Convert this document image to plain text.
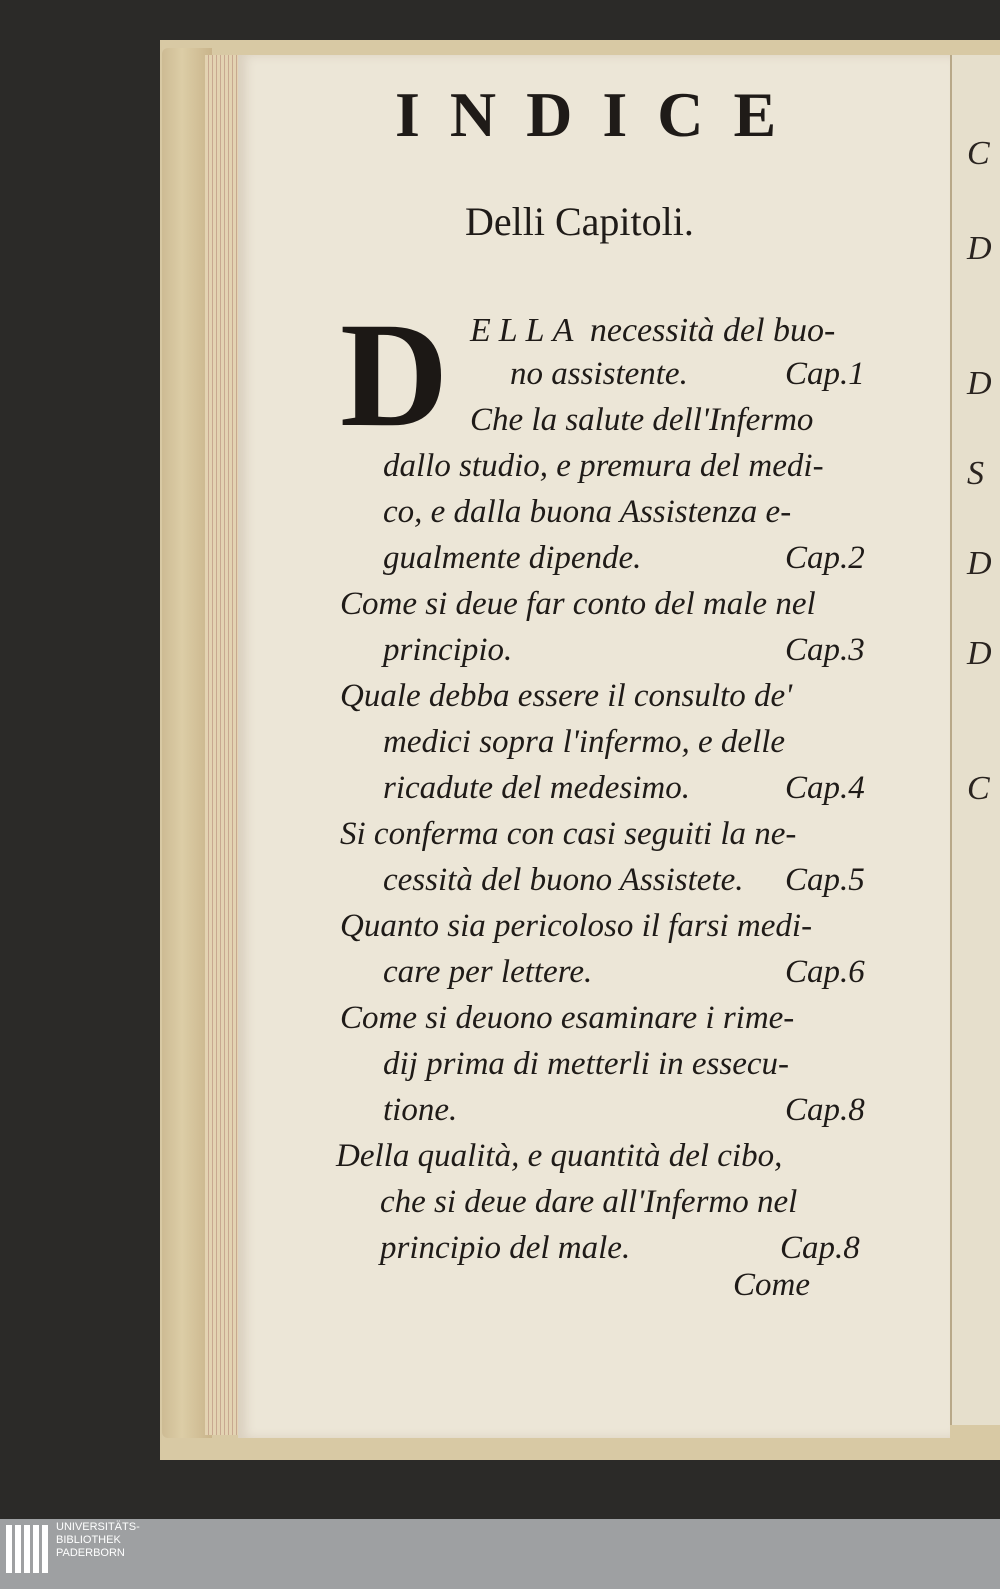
C
D
D
S
D
D
C
INDICE
Delli Capitoli.
D ELLA necessità del buo-
no assistente.	Cap.1
Che la salute dell'Infermo
dallo studio, e premura del medi-
co, e dalla buona Assistenza e-
gualmente dipende.	Cap.2
Come si deue far conto del male nel
principio.	Cap.3
Quale debba essere il consulto de'
medici sopra l'infermo, e delle
ricadute del medesimo.	Cap.4
Si conferma con casi seguiti la ne-
cessità del buono Assistete. Cap.5
Quanto sia pericoloso il farsi medi-
care per lettere.	Cap.6
Come si deuono esaminare i rime-
dij prima di metterli in essecu-
tione.	Cap.8
Della qualità, e quantità del cibo,
che si deue dare all'Infermo nel
principio del male.	Cap.8
Come
UNIVERSITÄTS-
BIBLIOTHEK
PADERBORN
